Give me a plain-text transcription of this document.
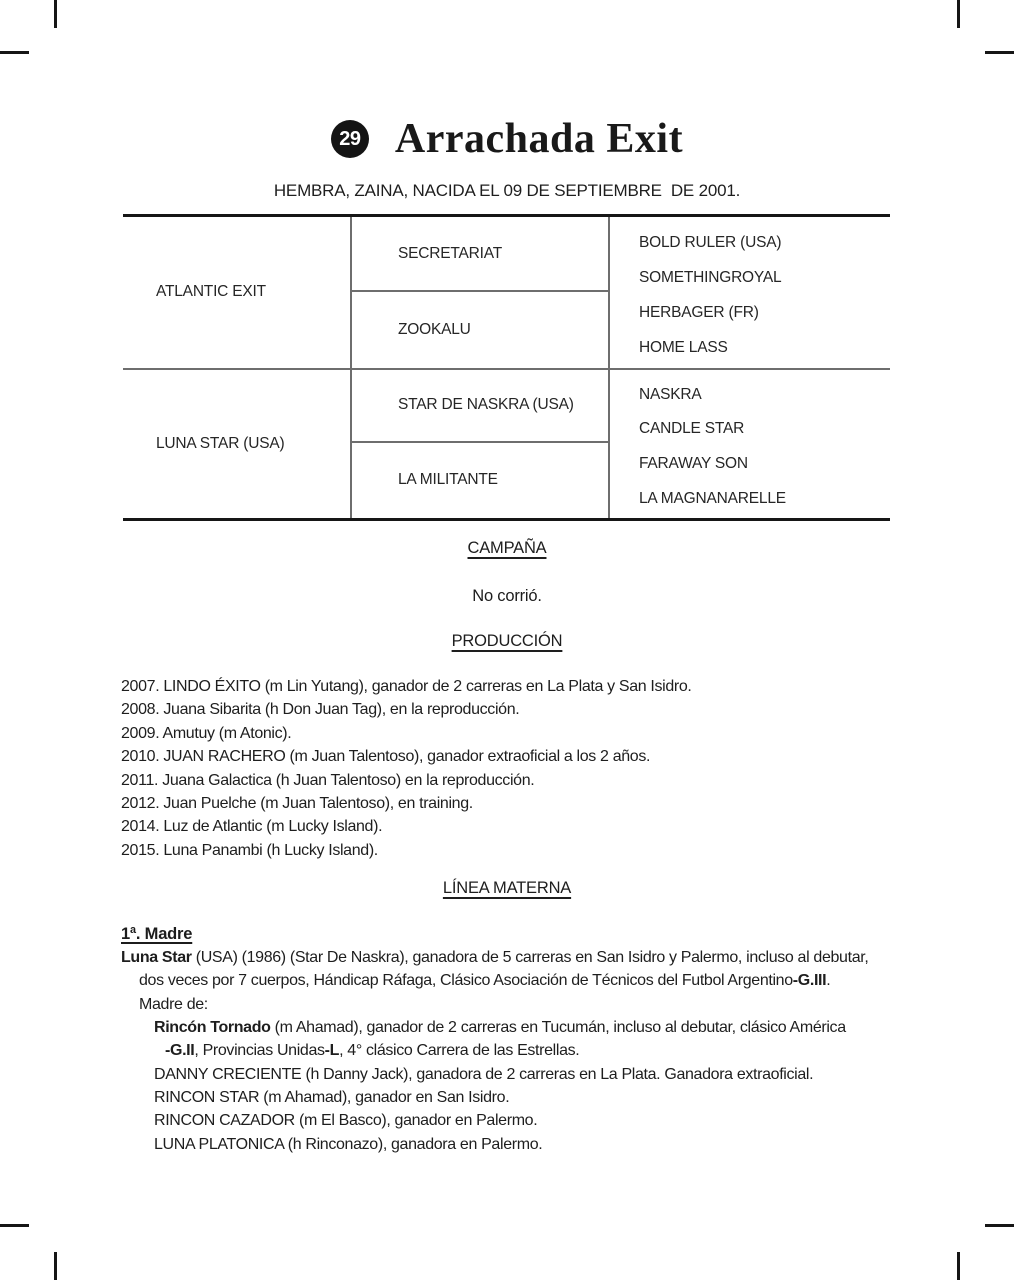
29 Arrachada Exit
HEMBRA, ZAINA, NACIDA EL 09 DE SEPTIEMBRE  DE 2001.
ATLANTIC EXIT
SECRETARIAT
BOLD RULER (USA)
SOMETHINGROYAL
HERBAGER (FR)
HOME LASS
ZOOKALU
LUNA STAR (USA)
STAR DE NASKRA (USA)
NASKRA
CANDLE STAR
FARAWAY SON
LA MAGNANARELLE
LA MILITANTE
CAMPAÑA
No corrió.
PRODUCCIÓN
2007. LINDO ÉXITO (m Lin Yutang), ganador de 2 carreras en La Plata y San Isidro.
2008. Juana Sibarita (h Don Juan Tag), en la reproducción.
2009. Amutuy (m Atonic).
2010. JUAN RACHERO (m Juan Talentoso), ganador extraoficial a los 2 años.
2011. Juana Galactica (h Juan Talentoso) en la reproducción.
2012. Juan Puelche (m Juan Talentoso), en training.
2014. Luz de Atlantic (m Lucky Island).
2015. Luna Panambi (h Lucky Island).
LÍNEA MATERNA
1ª. Madre
Luna Star (USA) (1986) (Star De Naskra), ganadora de 5 carreras en San Isidro y Palermo, incluso al debutar,
dos veces por 7 cuerpos, Hándicap Ráfaga, Clásico Asociación de Técnicos del Futbol Argentino-G.III.
Madre de:
Rincón Tornado (m Ahamad), ganador de 2 carreras en Tucumán, incluso al debutar, clásico América
-G.II, Provincias Unidas-L, 4° clásico Carrera de las Estrellas.
DANNY CRECIENTE (h Danny Jack), ganadora de 2 carreras en La Plata. Ganadora extraoficial.
RINCON STAR (m Ahamad), ganador en San Isidro.
RINCON CAZADOR (m El Basco), ganador en Palermo.
LUNA PLATONICA (h Rinconazo), ganadora en Palermo.
